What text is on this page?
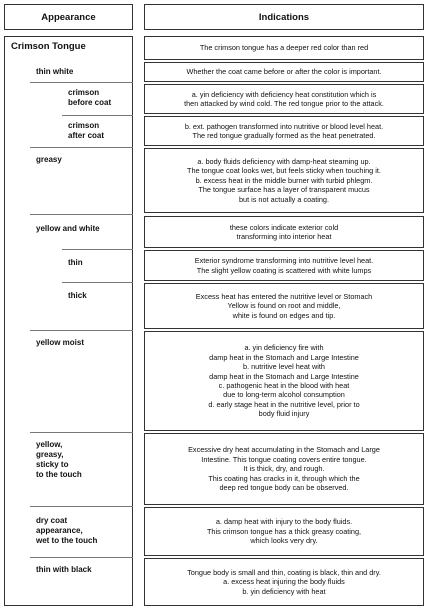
Appearance	Indications
Crimson Tongue
thin white
crimson
before coat
crimson
after coat
greasy
yellow and white
thin
thick
yellow moist
yellow,
greasy,
sticky to
to the touch
dry coat
appearance,
wet to the touch
thin with black
The crimson tongue has a deeper red color than red
Whether the coat came before or after the color is important.
a. yin deficiency with deficiency heat constitution which is
then attacked by wind cold. The red tongue prior to the attack.
b. ext. pathogen transformed into nutritive or blood level heat.
The red tongue gradually formed as the heat penetrated.
a. body fluids deficiency with damp-heat steaming up.
The tongue coat looks wet, but feels sticky when touching it.
b. excess heat in the middle burner with turbid phlegm.
The tongue surface has a layer of transparent mucus
but is not actually a coating.
these colors indicate exterior cold
transforming into interior heat
Exterior syndrome transforming into nutritive level heat.
The slight yellow coating is scattered with white lumps
Excess heat has entered the nutritive level or Stomach
Yellow is found on root and middle,
white is found on edges and tip.
a. yin deficiency fire with
damp heat in the Stomach and Large Intestine
b. nutritive level heat with
damp heat in the Stomach and Large Intestine
c. pathogenic heat in the blood with heat
due to long-term alcohol consumption
d. early stage heat in the nutritive level, prior to
body fluid injury
Excessive dry heat accumulating in the Stomach and Large
Intestine. This tongue coating covers entire tongue.
It is thick, dry, and rough.
This coating has cracks in it, through which the
deep red tongue body can be observed.
a. damp heat with injury to the body fluids.
This crimson tongue has a thick greasy coating,
which looks very dry.
Tongue body is small and thin, coating is black, thin and dry.
a. excess heat injuring the body fluids
b. yin deficiency with heat
